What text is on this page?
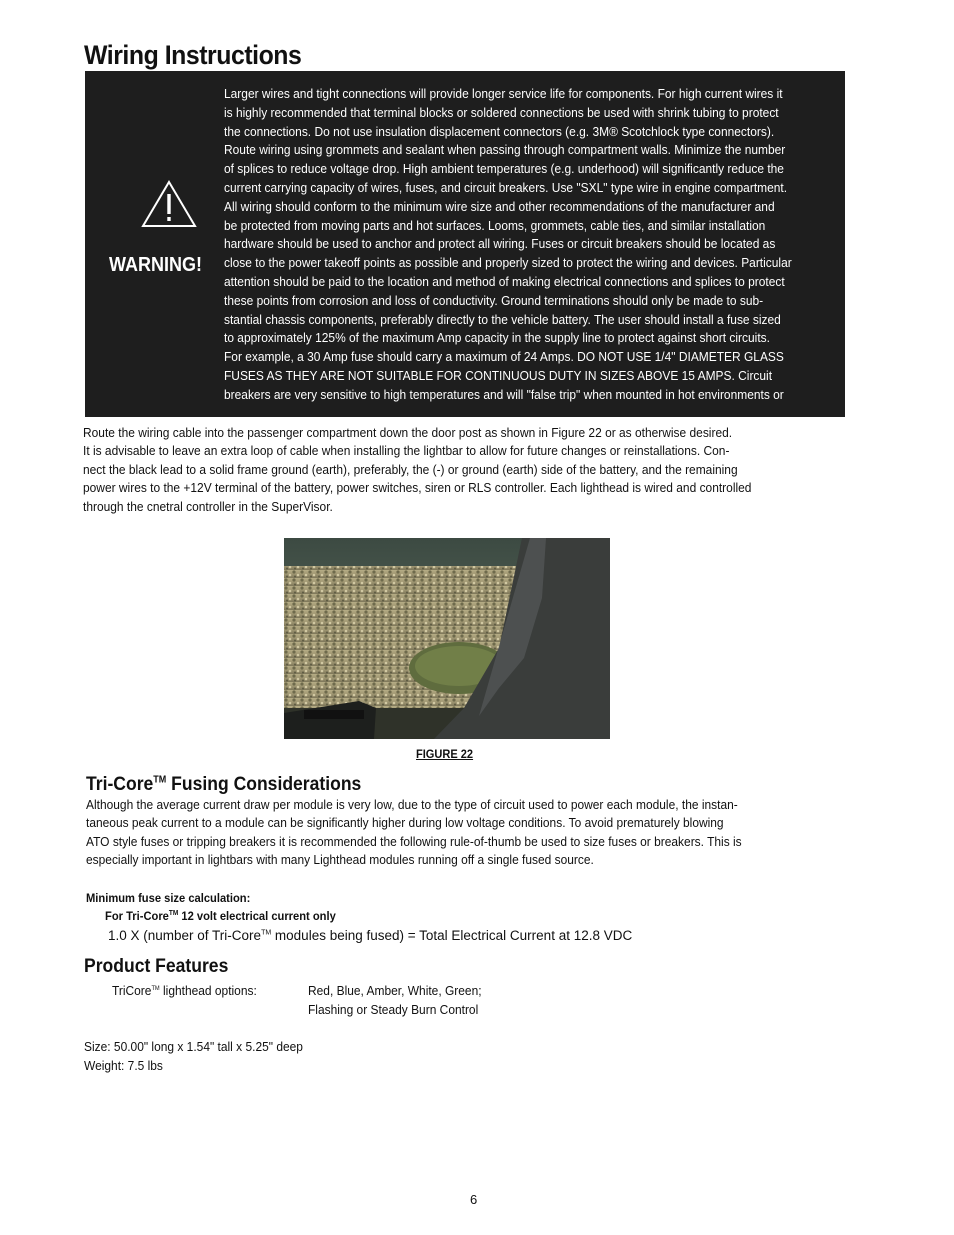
Wiring Instructions
WARNING!
Larger wires and tight connections will provide longer service life for components. For high current wires it
is highly recommended that terminal blocks or soldered connections be used with shrink tubing to protect
the connections. Do not use insulation displacement connectors (e.g. 3M® Scotchlock type connectors).
Route wiring using grommets and sealant when passing through compartment walls. Minimize the number
of splices to reduce voltage drop. High ambient temperatures (e.g. underhood) will significantly reduce the
current carrying capacity of wires, fuses, and circuit breakers. Use "SXL" type wire in engine compartment.
All wiring should conform to the minimum wire size and other recommendations of the manufacturer and
be protected from moving parts and hot surfaces. Looms, grommets, cable ties, and similar installation
hardware should be used to anchor and protect all wiring. Fuses or circuit breakers should be located as
close to the power takeoff points as possible and properly sized to protect the wiring and devices. Particular
attention should be paid to the location and method of making electrical connections and splices to protect
these points from corrosion and loss of conductivity. Ground terminations should only be made to sub-
stantial chassis components, preferably directly to the vehicle battery. The user should install a fuse sized
to approximately 125% of the maximum Amp capacity in the supply line to protect against short circuits.
For example, a 30 Amp fuse should carry a maximum of 24 Amps. DO NOT USE 1/4" DIAMETER GLASS
FUSES AS THEY ARE NOT SUITABLE FOR CONTINUOUS DUTY IN SIZES ABOVE 15 AMPS. Circuit
breakers are very sensitive to high temperatures and will "false trip" when mounted in hot environments or
Route the wiring cable into the passenger compartment down the door post as shown in Figure 22 or as otherwise desired.
It is advisable to leave an extra loop of cable when installing the lightbar to allow for future changes or reinstallations. Con-
nect the black lead to a solid frame ground (earth), preferably, the (-) or ground (earth) side of the battery, and the remaining
power wires to the +12V terminal of the battery, power switches, siren or RLS controller. Each lighthead is wired and controlled
through the cnetral controller in the SuperVisor.
FIGURE 22
Tri-Core™ Fusing Considerations
Although the average current draw per module is very low, due to the type of circuit used to power each module, the instan-
taneous peak current to a module can be significantly higher during low voltage conditions. To avoid prematurely blowing
ATO style fuses or tripping breakers it is recommended the following rule-of-thumb be used to size fuses or breakers. This is
especially important in lightbars with many Lighthead modules running off a single fused source.
Minimum fuse size calculation:
For Tri-Core™ 12 volt electrical current only
1.0 X (number of Tri-Core™ modules being fused) = Total Electrical Current at 12.8 VDC
Product Features
TriCore™ lighthead options:	Red, Blue, Amber, White, Green;
Flashing or Steady Burn Control
Size: 50.00" long x 1.54" tall x 5.25" deep
Weight: 7.5 lbs
6
